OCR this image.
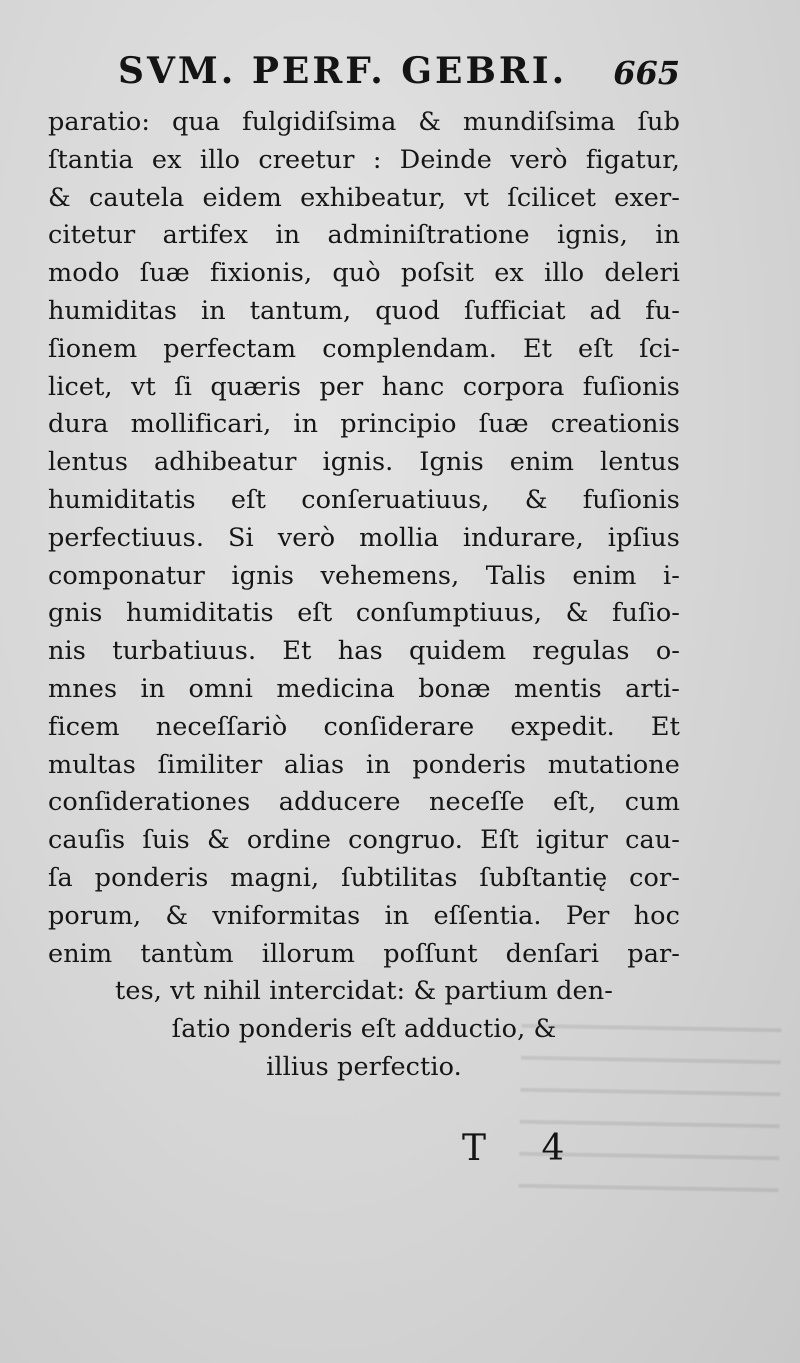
SVM. PERF. GEBRI. 665
paratio: qua fulgidiſsima & mundiſsima ſub
ſtantia ex illo creetur : Deinde verò figatur,
& cautela eidem exhibeatur, vt ſcilicet exer-
citetur artifex in adminiſtratione ignis, in
modo ſuæ fixionis, quò poſsit ex illo deleri
humiditas in tantum, quod ſufficiat ad fu-
ſionem perfectam complendam. Et eſt ſci-
licet, vt ſi quæris per hanc corpora fuſionis
dura mollificari, in principio ſuæ creationis
lentus adhibeatur ignis. Ignis enim lentus
humiditatis eſt conſeruatiuus, & fuſionis
perfectiuus. Si verò mollia indurare, ipſius
componatur ignis vehemens, Talis enim i-
gnis humiditatis eſt conſumptiuus, & fuſio-
nis turbatiuus. Et has quidem regulas o-
mnes in omni medicina bonæ mentis arti-
ficem neceſſariò conſiderare expedit. Et
multas ſimiliter alias in ponderis mutatione
conſiderationes adducere neceſſe eſt, cum
cauſis ſuis & ordine congruo. Eſt igitur cau-
ſa ponderis magni, ſubtilitas ſubſtantię cor-
porum, & vniformitas in eſſentia. Per hoc
enim tantùm illorum poſſunt denſari par-
tes, vt nihil intercidat: & partium den-
ſatio ponderis eſt adductio, &
illius perfectio.
T 4
